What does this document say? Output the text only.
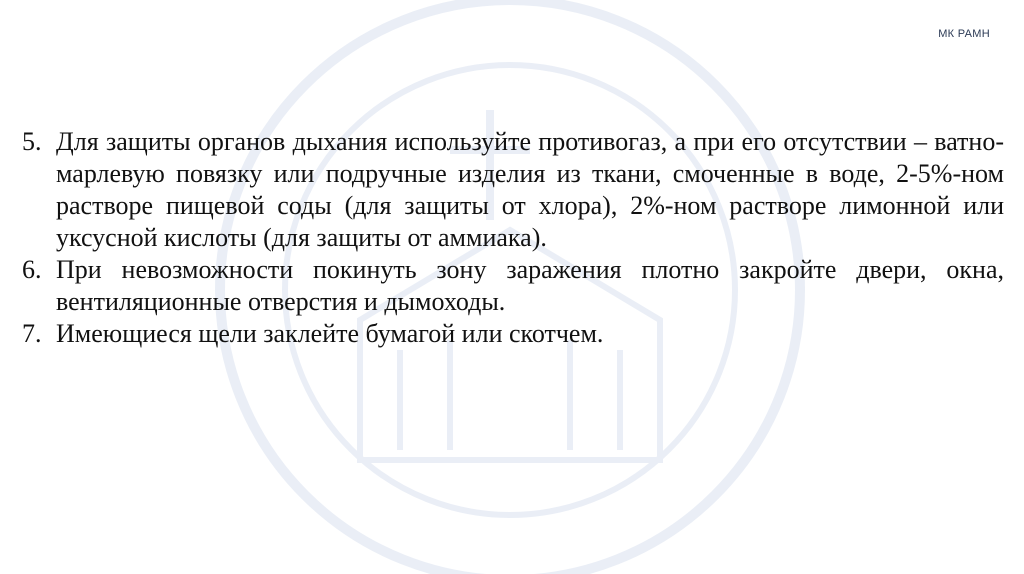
МК РАМН
5. Для защиты органов дыхания используйте противогаз, а при его отсутствии – ватно-марлевую повязку или подручные изделия из ткани, смоченные в воде, 2-5%-ном растворе пищевой соды (для защиты от хлора), 2%-ном растворе лимонной или уксусной кислоты (для защиты от аммиака).
6. При невозможности покинуть зону заражения плотно закройте двери, окна, вентиляционные отверстия и дымоходы.
7. Имеющиеся щели заклейте бумагой или скотчем.
